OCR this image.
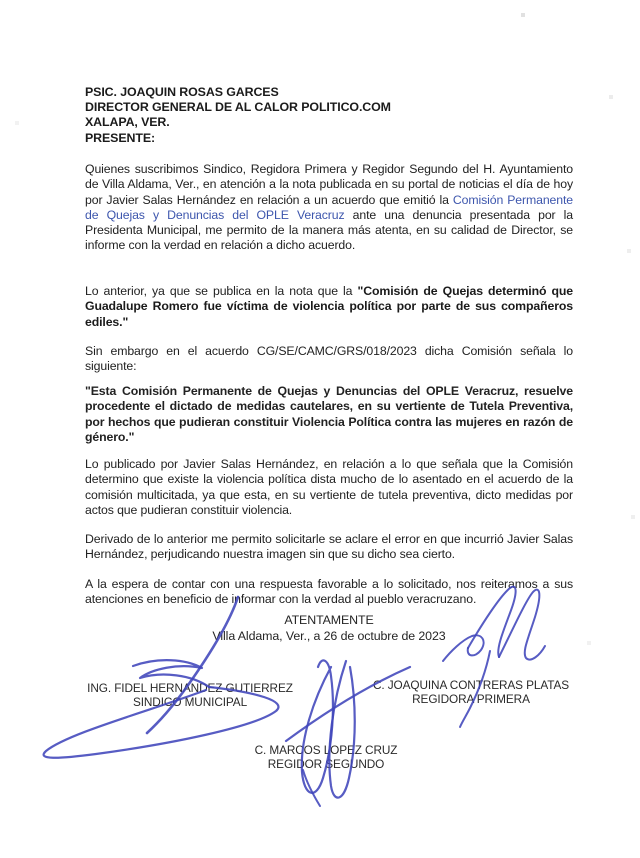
PSIC. JOAQUIN ROSAS GARCES
DIRECTOR GENERAL DE AL CALOR POLITICO.COM
XALAPA, VER.
PRESENTE:

Quienes suscribimos Sindico, Regidora Primera y Regidor Segundo del H. Ayuntamiento de Villa Aldama, Ver., en atención a la nota publicada en su portal de noticias el día de hoy por Javier Salas Hernández en relación a un acuerdo que emitió la Comisión Permanente de Quejas y Denuncias del OPLE Veracruz ante una denuncia presentada por la Presidenta Municipal, me permito de la manera más atenta, en su calidad de Director, se informe con la verdad en relación a dicho acuerdo.

Lo anterior, ya que se publica en la nota que la "Comisión de Quejas determinó que Guadalupe Romero fue víctima de violencia política por parte de sus compañeros ediles."

Sin embargo en el acuerdo CG/SE/CAMC/GRS/018/2023 dicha Comisión señala lo siguiente:

"Esta Comisión Permanente de Quejas y Denuncias del OPLE Veracruz, resuelve procedente el dictado de medidas cautelares, en su vertiente de Tutela Preventiva, por hechos que pudieran constituir Violencia Política contra las mujeres en razón de género."

Lo publicado por Javier Salas Hernández, en relación a lo que señala que la Comisión determino que existe la violencia política dista mucho de lo asentado en el acuerdo de la comisión multicitada, ya que esta, en su vertiente de tutela preventiva, dicto medidas por actos que pudieran constituir violencia.

Derivado de lo anterior me permito solicitarle se aclare el error en que incurrió Javier Salas Hernández, perjudicando nuestra imagen sin que su dicho sea cierto.

A la espera de contar con una respuesta favorable a lo solicitado, nos reiteramos a sus atenciones en beneficio de informar con la verdad al pueblo veracruzano.

ATENTAMENTE
Villa Aldama, Ver., a 26 de octubre de 2023
ING. FIDEL HERNANDEZ GUTIERREZ
SINDICO MUNICIPAL
C. JOAQUINA CONTRERAS PLATAS
REGIDORA PRIMERA
C. MARCOS LOPEZ CRUZ
REGIDOR SEGUNDO
